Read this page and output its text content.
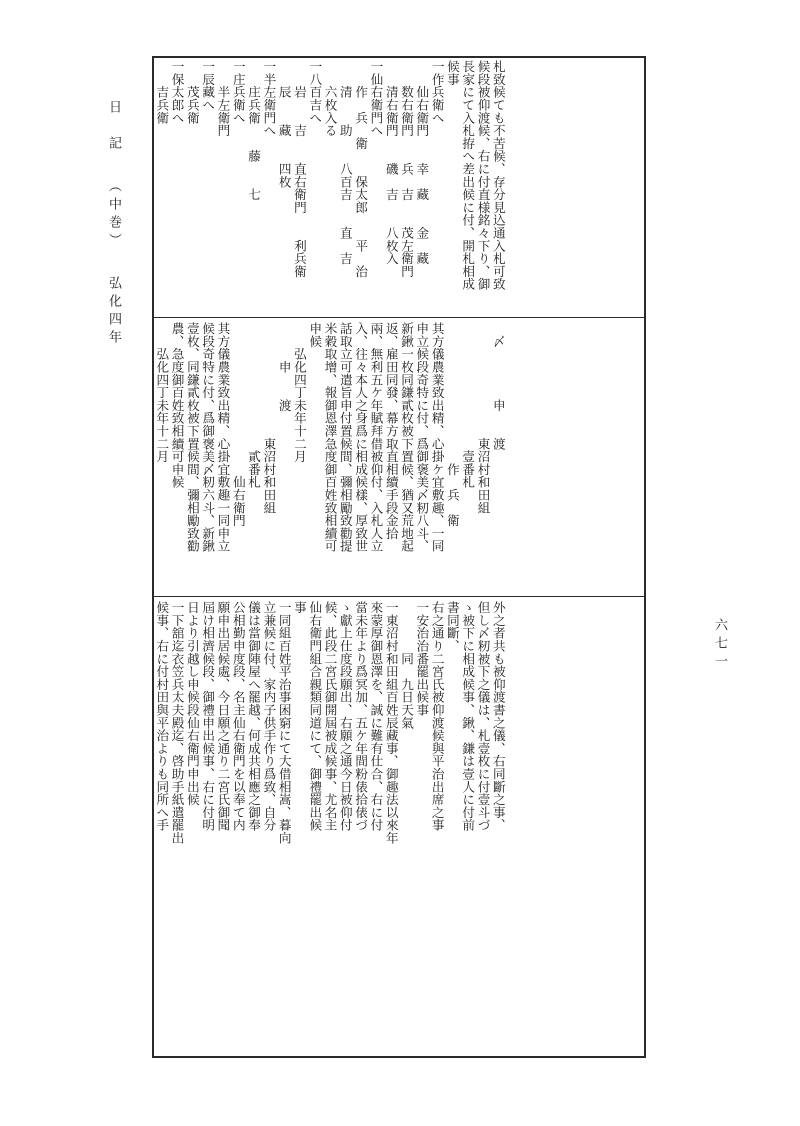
日　記 （中巻） 弘化四年
札致候ても不苦候、存分見込通入札可致
候段被仰渡候、右に付直様銘々下り、御
長家にて入札拵へ差出候に付、開札相成
候事
一作兵衛へ
　　仙右衛門　　幸　藏　　金　藏
　　数右衛門　　兵　吉　　茂左衛門
　　清右衛門　　磯　吉　　八枚入
一仙右衛門へ
　　作　兵　衛　　保太郎　　平　治
　　清　　助　　八百吉　　直　吉
　　六枚入る
一八百吉へ
　　岩　　吉　　直右衛門　　利兵衛
　　辰　　藏　　四枚
一半左衛門へ
　　庄兵衛　　藤　　七
一庄兵衛へ
　　半左衛門
一辰藏へ
　　茂兵衛
一保太郎へ
　　吉兵衛
　〆　　　　申　　渡
　　　　　　　　　東沼村和田組
　　　　　　　　　　壹番札
　　　　　　　　　　　作　兵　衛
其方儀農業致出精、心掛ケ宜敷趣、一同
申立候段奇特に付、爲御褒美〆籾八斗、
新鍬一枚同鎌貳枚被下置候、猶又荒地起
返、雇田同發、幕方取直相續手段金拾
兩、無利五ケ年賦拜借被仰付、入札人立
入、往々本人之身爲に相成候樣、厚致世
話取立可遣旨申付置候間、彌相勵致勸提
米穀取增、報御恩澤急度御百姓致相續可
申候
　　弘化四丁未年十二月
　　　申　　渡
　　　　　　　　　東沼村和田組
　　　　　　　　　　貳番札
　　　　　　　　　　　　仙右衛門
其方儀農業致出精、心掛宜敷趣一同申立
候段奇特に付、爲御褒美〆籾六斗、新鍬
壹枚、同鎌貳枚被下置候間、彌相勵致勸
農、急度御百姓致相續可申候
　　弘化四丁未年十二月
外之者共も被仰渡書之儀、右同斷之事、
但し〆籾被下之儀は、札壹枚に付壹斗づ
ゝ被下に相成候事、鍬、鎌は壹人に付前
書同斷、
右之通り二宮氏被仰渡候與平治出席之事
一安治治番罷出候事
　　　　同　九日天氣
一東沼村和田組百姓辰藏事、御趣法以來年
來蒙厚御恩澤を、誠に難有仕合、右に付
當未年より爲冥加、五ケ年間粉俵拾俵づ
ゝ獻上仕度段願出、右願之通今日被仰付
候、此段二宮氏御開屆被成候事、尤名主
仙右衛門組合親類同道にて、御禮罷出候
事
一同組百姓平治事困窮にて大借相嵩、暮向
立兼候に付、家内子供手作り爲致、自分
儀は當御陣屋へ罷越、何成共相應之御奉
公相勤申度段、名主仙右衛門を以奉て内
願申出居候處、今日願之通り二宮氏御聞
屆け相濟候段、御禮申出候事、右に付明
日より引越し申候段仙右衛門申出候
一下舘迄衣笠兵太夫殿迄、啓助手紙遣罷出
候事、右に付村田與平治よりも同所へ手	六七一
